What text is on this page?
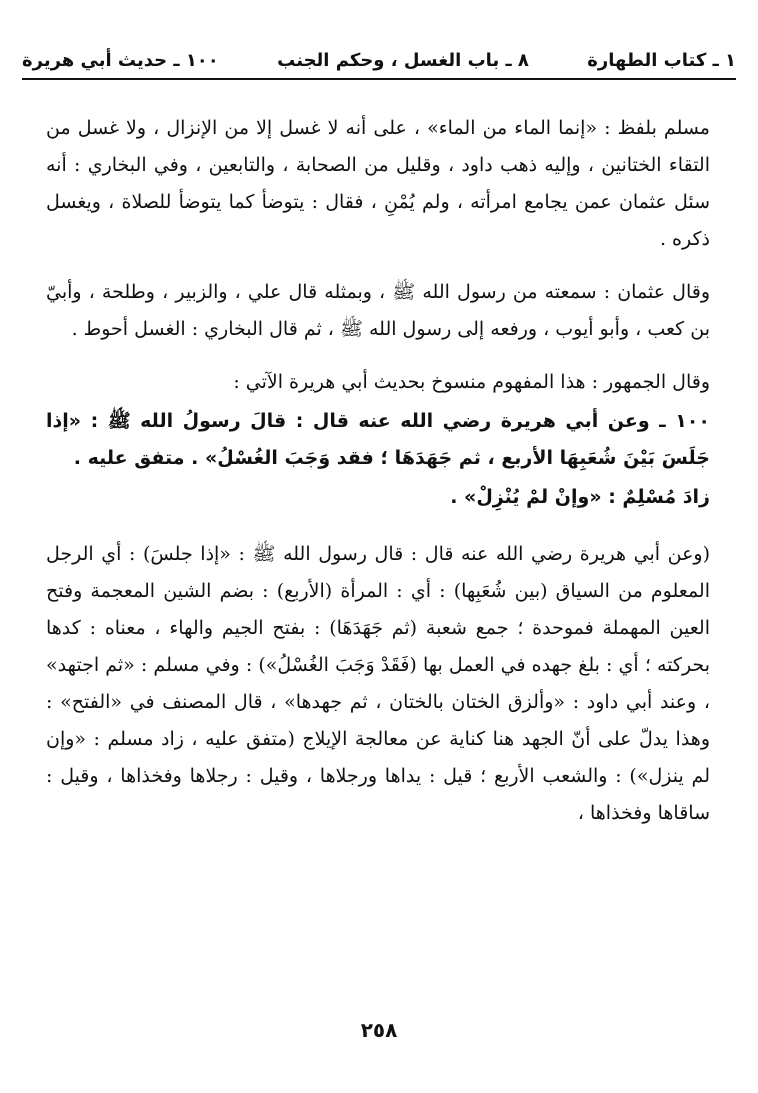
١ ـ كتاب الطهارة
٨ ـ باب الغسل ، وحكم الجنب
١٠٠ ـ حديث أبي هريرة

مسلم بلفظ : «إنما الماء من الماء» ، على أنه لا غسل إلا من الإنزال ، ولا غسل من التقاء الختانين ، وإليه ذهب داود ، وقليل من الصحابة ، والتابعين ، وفي البخاري : أنه سئل عثمان عمن يجامع امرأته ، ولم يُمْنِ ، فقال : يتوضأ كما يتوضأ للصلاة ، ويغسل ذكره .

وقال عثمان : سمعته من رسول الله ﷺ ، وبمثله قال علي ، والزبير ، وطلحة ، وأبيّ بن كعب ، وأبو أيوب ، ورفعه إلى رسول الله ﷺ ، ثم قال البخاري : الغسل أحوط .

وقال الجمهور : هذا المفهوم منسوخ بحديث أبي هريرة الآتي :

١٠٠ ـ وعن أبي هريرة رضي الله عنه قال : قالَ رسولُ الله ﷺ : «إذا جَلَسَ بَيْنَ شُعَبِهَا الأربع ، ثم جَهَدَهَا ؛ فقد وَجَبَ الغُسْلُ» . متفق عليه .

زادَ مُسْلِمٌ : «وإنْ لمْ يُنْزِلْ» .

(وعن أبي هريرة رضي الله عنه قال : قال رسول الله ﷺ : «إذا جلسَ) : أي الرجل المعلوم من السياق (بين شُعَبِها) : أي : المرأة (الأربع) : بضم الشين المعجمة وفتح العين المهملة فموحدة ؛ جمع شعبة (ثم جَهَدَهَا) : بفتح الجيم والهاء ، معناه : كدها بحركته ؛ أي : بلغ جهده في العمل بها (فَقَدْ وَجَبَ الغُسْلُ») : وفي مسلم : «ثم اجتهد» ، وعند أبي داود : «وألزق الختان بالختان ، ثم جهدها» ، قال المصنف في «الفتح» : وهذا يدلّ على أنّ الجهد هنا كناية عن معالجة الإيلاج (متفق عليه ، زاد مسلم : «وإن لم ينزل») : والشعب الأربع ؛ قيل : يداها ورجلاها ، وقيل : رجلاها وفخذاها ، وقيل : ساقاها وفخذاها ،

٢٥٨
